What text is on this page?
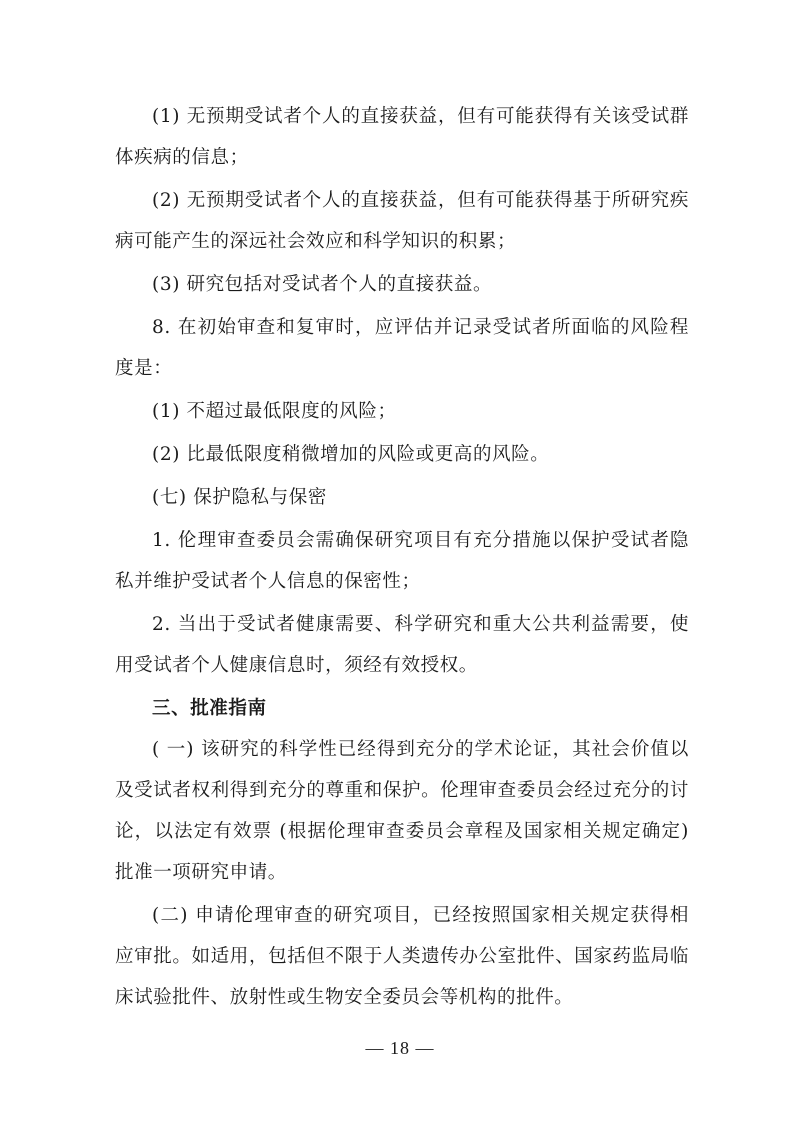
(1) 无预期受试者个人的直接获益，但有可能获得有关该受试群体疾病的信息；

(2) 无预期受试者个人的直接获益，但有可能获得基于所研究疾病可能产生的深远社会效应和科学知识的积累；

(3) 研究包括对受试者个人的直接获益。

8. 在初始审查和复审时，应评估并记录受试者所面临的风险程度是：

(1) 不超过最低限度的风险；

(2) 比最低限度稍微增加的风险或更高的风险。

(七) 保护隐私与保密

1. 伦理审查委员会需确保研究项目有充分措施以保护受试者隐私并维护受试者个人信息的保密性；

2. 当出于受试者健康需要、科学研究和重大公共利益需要，使用受试者个人健康信息时，须经有效授权。

三、批准指南

( 一) 该研究的科学性已经得到充分的学术论证，其社会价值以及受试者权利得到充分的尊重和保护。伦理审查委员会经过充分的讨论，以法定有效票 (根据伦理审查委员会章程及国家相关规定确定) 批准一项研究申请。

(二) 申请伦理审查的研究项目，已经按照国家相关规定获得相应审批。如适用，包括但不限于人类遗传办公室批件、国家药监局临床试验批件、放射性或生物安全委员会等机构的批件。

— 18 —
